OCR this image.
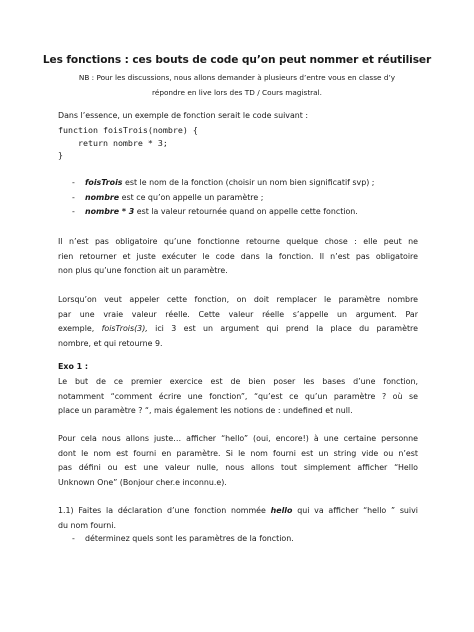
Les fonctions : ces bouts de code qu’on peut nommer et réutiliser
NB : Pour les discussions, nous allons demander à plusieurs d’entre vous en classe d’y
répondre en live lors des TD / Cours magistral.
Dans l’essence, un exemple de fonction serait le code suivant :
function foisTrois(nombre) {
return nombre * 3;
}
- foisTrois est le nom de la fonction (choisir un nom bien significatif svp) ;
- nombre est ce qu’on appelle un paramètre ;
- nombre * 3 est la valeur retournée quand on appelle cette fonction.
Il n’est pas obligatoire qu’une fonctionne retourne quelque chose : elle peut ne
rien retourner et juste exécuter le code dans la fonction. Il n’est pas obligatoire
non plus qu’une fonction ait un paramètre.
Lorsqu’on veut appeler cette fonction, on doit remplacer le paramètre nombre
par une vraie valeur réelle. Cette valeur réelle s’appelle un argument. Par
exemple, foisTrois(3), ici 3 est un argument qui prend la place du paramètre
nombre, et qui retourne 9.
Exo 1 :
Le but de ce premier exercice est de bien poser les bases d’une fonction,
notamment “comment écrire une fonction”, “qu’est ce qu’un paramètre ? où se
place un paramètre ? “, mais également les notions de : undefined et null.
Pour cela nous allons juste… afficher “hello” (oui, encore!) à une certaine personne
dont le nom est fourni en paramètre. Si le nom fourni est un string vide ou n’est
pas défini ou est une valeur nulle, nous allons tout simplement afficher “Hello
Unknown One” (Bonjour cher.e inconnu.e).
1.1) Faites la déclaration d’une fonction nommée hello qui va afficher “hello ” suivi
du nom fourni.
- déterminez quels sont les paramètres de la fonction.
